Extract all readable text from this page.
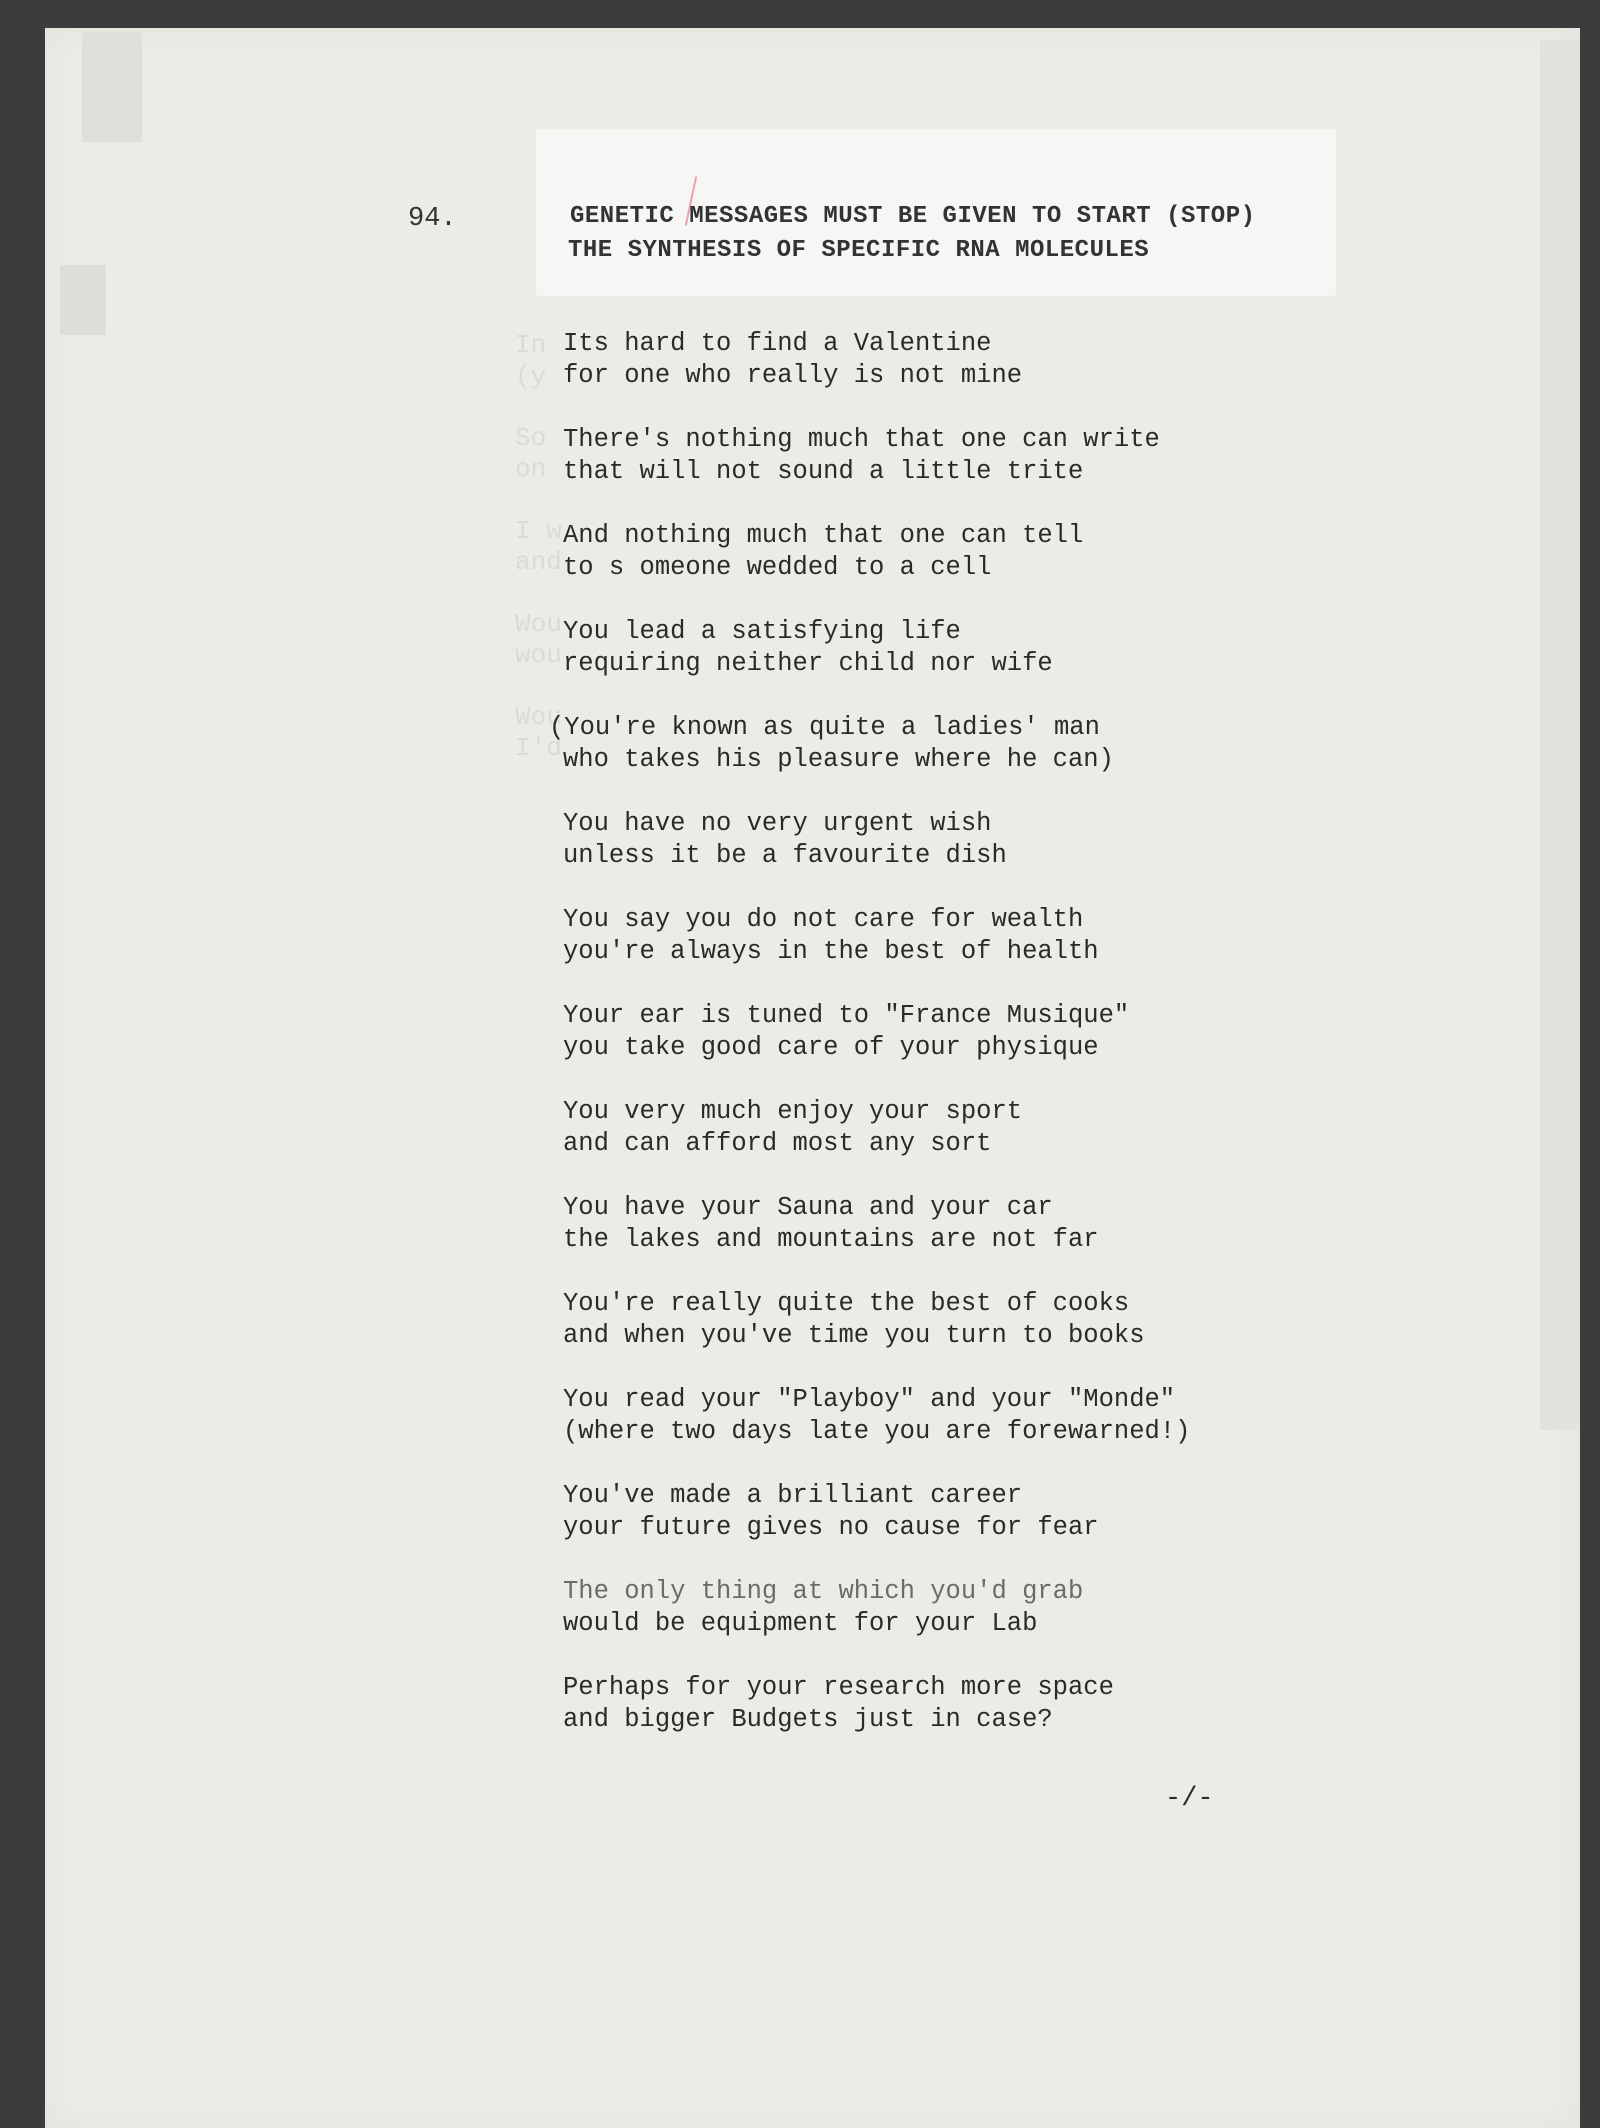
94.	GENETIC MESSAGES MUST BE GIVEN TO START (STOP)
THE SYNTHESIS OF SPECIFIC RNA MOLECULES
Its hard to find a Valentine
for one who really is not mine
There's nothing much that one can write
that will not sound a little trite
And nothing much that one can tell
to s omeone wedded to a cell
You lead a satisfying life
requiring neither child nor wife
(You're known as quite a ladies' man
who takes his pleasure where he can)
You have no very urgent wish
unless it be a favourite dish
You say you do not care for wealth
you're always in the best of health
Your ear is tuned to "France Musique"
you take good care of your physique
You very much enjoy your sport
and can afford most any sort
You have your Sauna and your car
the lakes and mountains are not far
You're really quite the best of cooks
and when you've time you turn to books
You read your "Playboy" and your "Monde"
(where two days late you are forewarned!)
You've made a brilliant career
your future gives no cause for fear
The only thing at which you'd grab
would be equipment for your Lab
Perhaps for your research more space
and bigger Budgets just in case?

-/-
